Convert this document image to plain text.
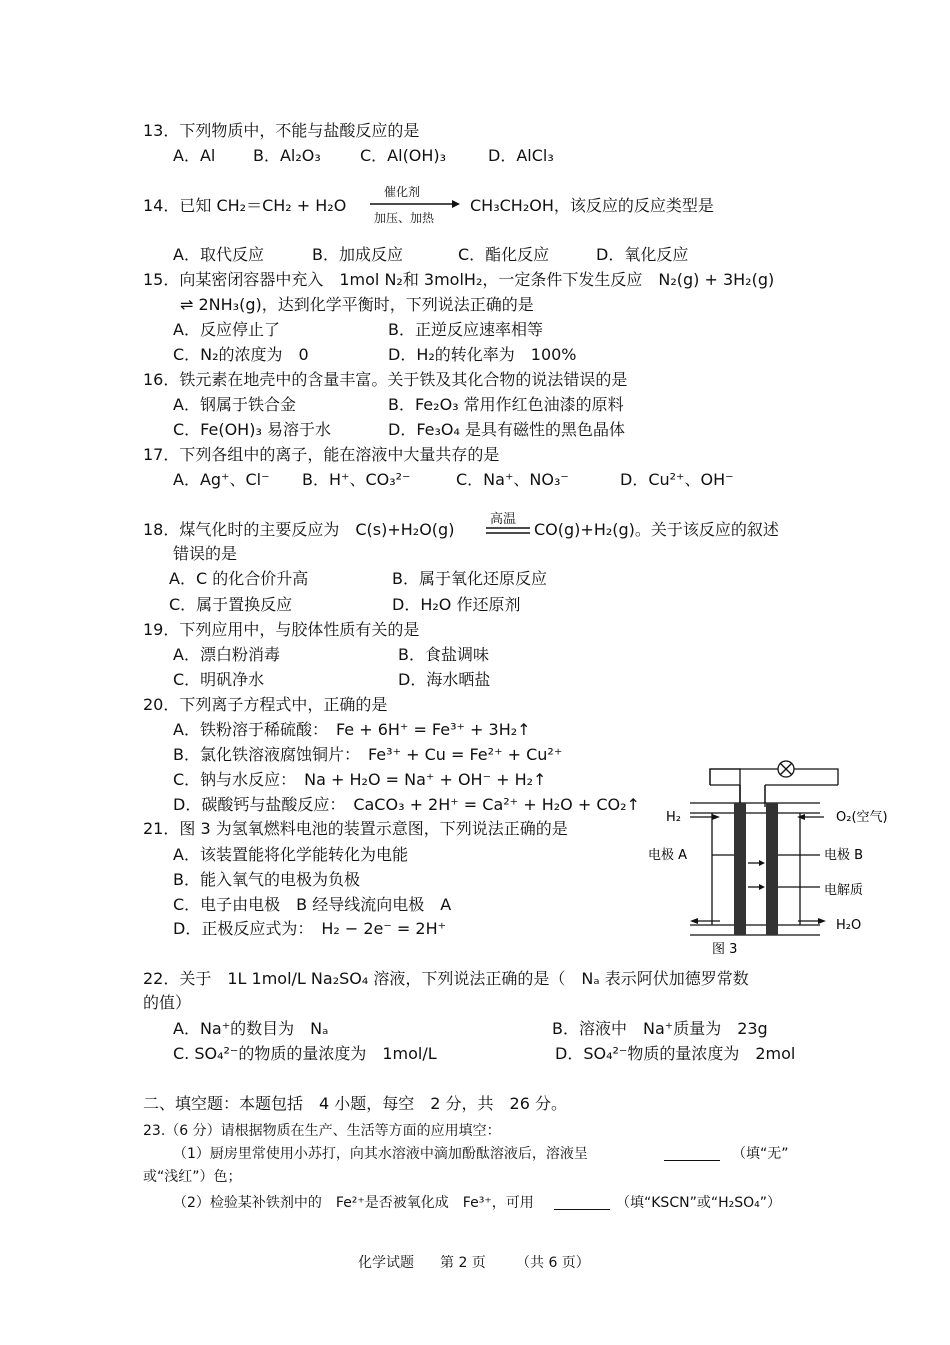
13．下列物质中，不能与盐酸反应的是
A．Al B．Al₂O₃ C．Al(OH)₃	D．AlCl₃
14．已知 CH₂＝CH₂ + H₂O
催化剂
加压、加热
CH₃CH₂OH，该反应的反应类型是
A．取代反应	B．加成反应	C．酯化反应	D．氧化反应
15．向某密闭容器中充入　1mol N₂和 3molH₂，一定条件下发生反应　N₂(g) + 3H₂(g)
⇌ 2NH₃(g)，达到化学平衡时，下列说法正确的是
A．反应停止了	B．正逆反应速率相等
C．N₂的浓度为　0	D．H₂的转化率为　100%
16．铁元素在地壳中的含量丰富。关于铁及其化合物的说法错误的是
A．钢属于铁合金	B．Fe₂O₃ 常用作红色油漆的原料
C．Fe(OH)₃ 易溶于水	D．Fe₃O₄ 是具有磁性的黑色晶体
17．下列各组中的离子，能在溶液中大量共存的是
A．Ag⁺、Cl⁻ B．H⁺、CO₃²⁻	C．Na⁺、NO₃⁻	D．Cu²⁺、OH⁻
18．煤气化时的主要反应为　C(s)+H₂O(g)
高温
CO(g)+H₂(g)。关于该反应的叙述
错误的是
A．C 的化合价升高	B．属于氧化还原反应
C．属于置换反应	D．H₂O 作还原剂
19．下列应用中，与胶体性质有关的是
A．漂白粉消毒	B．食盐调味
C．明矾净水	D．海水晒盐
20．下列离子方程式中，正确的是
A．铁粉溶于稀硫酸：　Fe + 6H⁺ = Fe³⁺ + 3H₂↑
B．氯化铁溶液腐蚀铜片：　Fe³⁺ + Cu = Fe²⁺ + Cu²⁺
C．钠与水反应：　Na + H₂O = Na⁺ + OH⁻ + H₂↑
D．碳酸钙与盐酸反应：　CaCO₃ + 2H⁺ = Ca²⁺ + H₂O + CO₂↑
21．图 3 为氢氧燃料电池的装置示意图，下列说法正确的是
A．该装置能将化学能转化为电能
B．能入氧气的电极为负极
C．电子由电极　B 经导线流向电极　A
D．正极反应式为：　H₂ − 2e⁻ = 2H⁺
H₂	O₂(空气)
电极 A	电极 B
电解质
H₂O
图 3
22．关于　1L 1mol/L Na₂SO₄ 溶液，下列说法正确的是（　Nₐ 表示阿伏加德罗常数
的值）
A．Na⁺的数目为　Nₐ	B．溶液中　Na⁺质量为　23g
C. SO₄²⁻的物质的量浓度为　1mol/L	D．SO₄²⁻物质的量浓度为　2mol
二、填空题：本题包括　4 小题，每空　2 分，共　26 分。
23.（6 分）请根据物质在生产、生活等方面的应用填空：
（1）厨房里常使用小苏打，向其水溶液中滴加酚酞溶液后，溶液呈	（填“无”
或“浅红”）色；
（2）检验某补铁剂中的　Fe²⁺是否被氧化成　Fe³⁺，可用	（填“KSCN”或“H₂SO₄”）
化学试题 第 2 页 （共 6 页）
